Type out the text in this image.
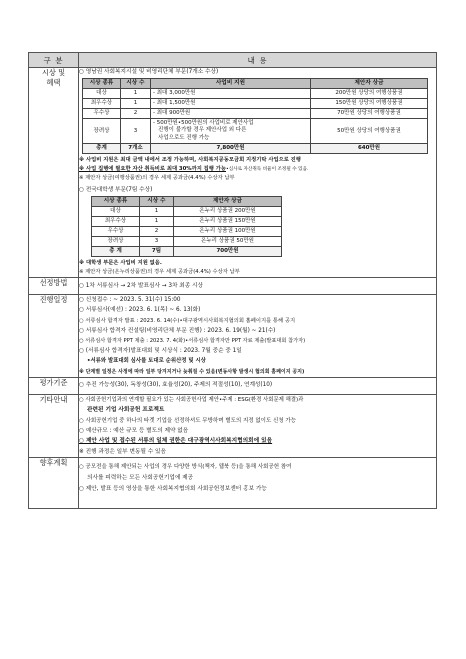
구 분	내 용

시상 및
혜택

○ 영남권 사회복지시설 및 비영리단체 부문(7개소 수상)
시상 종류	시상 수	사업비 지원	제안자 상금
대상	1	- 최대 3,000만원	200만원 상당의 여행상품권
최우수상	1	- 최대 1,500만원	150만원 상당의 여행상품권
우수상	2	- 최대 900만원	70만원 상당의 여행상품권
장려상	3	
- 500만원•500만원의 사업비로 제안사업
진행이 불가할 경우 제안사업 외 다른
사업으로도 진행 가능
	50만원 상당의 여행상품권
총계	7개소	7,800만원	640만원
※ 사업비 지원은 최대 금액 내에서 조정 가능하며, 사회복지공동모금회 지정기탁 사업으로 진행
※ 사업 집행에 필요한 자산 취득비로 최대 30%까지 집행 가능•심사로 자산취득 비율이 조정될 수 있음.
※ 제안자 상금(여행상품권)의 경우 세제 공과금(4.4%) 수상자 납부
○ 전국대학생 부문(7팀 수상)
시상 종류	시상 수	제안자 상금
대상	1	온누리 상품권 200만원
최우수상	1	온누리 상품권 150만원
우수상	2	온누리 상품권 100만원
장려상	3	온누리 상품권 50만원
총 계	7팀	700만원
※ 대학생 부문은 사업비 지원 없음.
※ 제안자 상금(온누리상품권)의 경우 세제 공과금(4.4%) 수상자 납부

선정방법	○ 1차 서류심사 → 2차 발표심사 → 3차 최종 시상

진행일정	○ 신청접수 : ~ 2023. 5. 31(수) 15:00
○ 서류심사(예선) : 2023. 6. 1(목) ~ 6. 13(화)
○ 서류심사 합격자 발표 : 2023. 6. 14(수)•대구광역시사회복지협의회 홈페이지를 통해 공지
○ 서류심사 합격자 컨설팅(비영리단체 부문 진행) : 2023. 6. 19(월) ~ 21(수)
○ 서류심사 합격자 PPT 제출 : 2023. 7. 4(화)•서류심사 합격자만 PPT 자료 제출(발표대회 참가자)
○ (서류심사 합격자)발표대회 및 시상식 : 2023. 7월 중순 중 1일
•서류와 발표대회 심사를 토대로 순위산정 및 시상
※ 단계별 일정은 사정에 따라 일부 당겨지거나 늦춰질 수 있음(변동사항 발생시 협의회 홈페이지 공지)

평가기준	○ 추진 가능성(30), 독창성(30), 효율성(20), 주제의 적절성(10), 연계성(10)

기타안내	○ 사회공헌기업과의 연계할 필요가 있는 사회공헌사업 제안•주제 : ESG(환경 사회문제 해결)과
관련된 기업 사회공헌 프로젝트
○ 사회공헌기업 중 하나의 타겟 기업을 선정하셔도 무방하며 별도의 지정 없이도 신청 가능
○ 예산규모 : 예산 규모 등 별도의 제약 없음
○ 제안 사업 및 접수된 서류의 일체 권한은 대구광역시사회복지협의회에 있음
※ 진행 과정은 일부 변동될 수 있음

향후계획	○ 공모전을 통해 제안되는 사업의 경우 다양한 방식(책자, 웹북 등)을 통해 사회공헌 참여
의사를 피력하는 모든 사회공헌기업에 제공
○ 제안, 발표 등의 영상을 통한 사회복지협의회 사회공헌정보센터 홍보 가능
